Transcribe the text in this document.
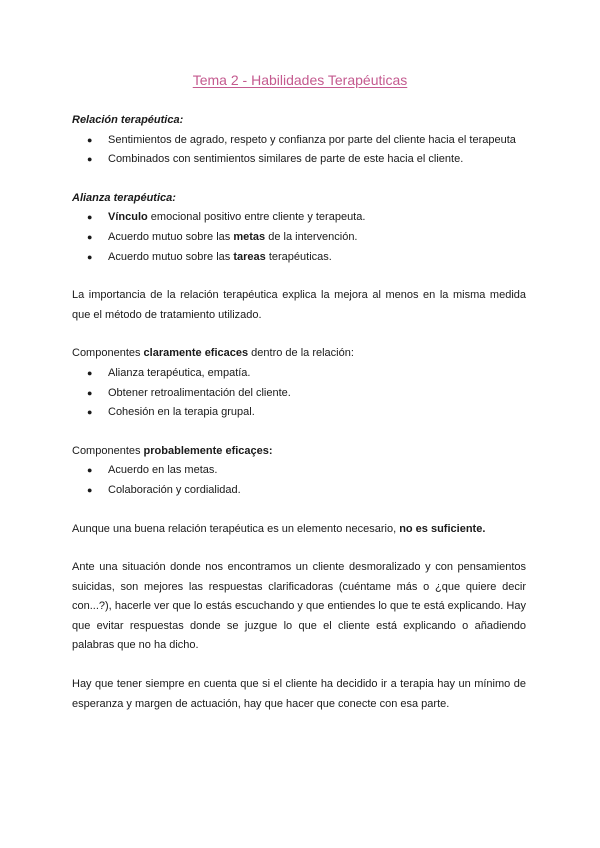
Tema 2 - Habilidades Terapéuticas

Relación terapéutica:

● Sentimientos de agrado, respeto y confianza por parte del cliente hacia el terapeuta
● Combinados con sentimientos similares de parte de este hacia el cliente.

Alianza terapéutica:

● Vínculo emocional positivo entre cliente y terapeuta.
● Acuerdo mutuo sobre las metas de la intervención.
● Acuerdo mutuo sobre las tareas terapéuticas.

La importancia de la relación terapéutica explica la mejora al menos en la misma medida que el método de tratamiento utilizado.

Componentes claramente eficaces dentro de la relación:

● Alianza terapéutica, empatía.
● Obtener retroalimentación del cliente.
● Cohesión en la terapia grupal.

Componentes probablemente eficaçes:

● Acuerdo en las metas.
● Colaboración y cordialidad.

Aunque una buena relación terapéutica es un elemento necesario, no es suficiente.

Ante una situación donde nos encontramos un cliente desmoralizado y con pensamientos suicidas, son mejores las respuestas clarificadoras (cuéntame más o ¿que quiere decir con...?), hacerle ver que lo estás escuchando y que entiendes lo que te está explicando. Hay que evitar respuestas donde se juzgue lo que el cliente está explicando o añadiendo palabras que no ha dicho.

Hay que tener siempre en cuenta que si el cliente ha decidido ir a terapia hay un mínimo de esperanza y margen de actuación, hay que hacer que conecte con esa parte.
